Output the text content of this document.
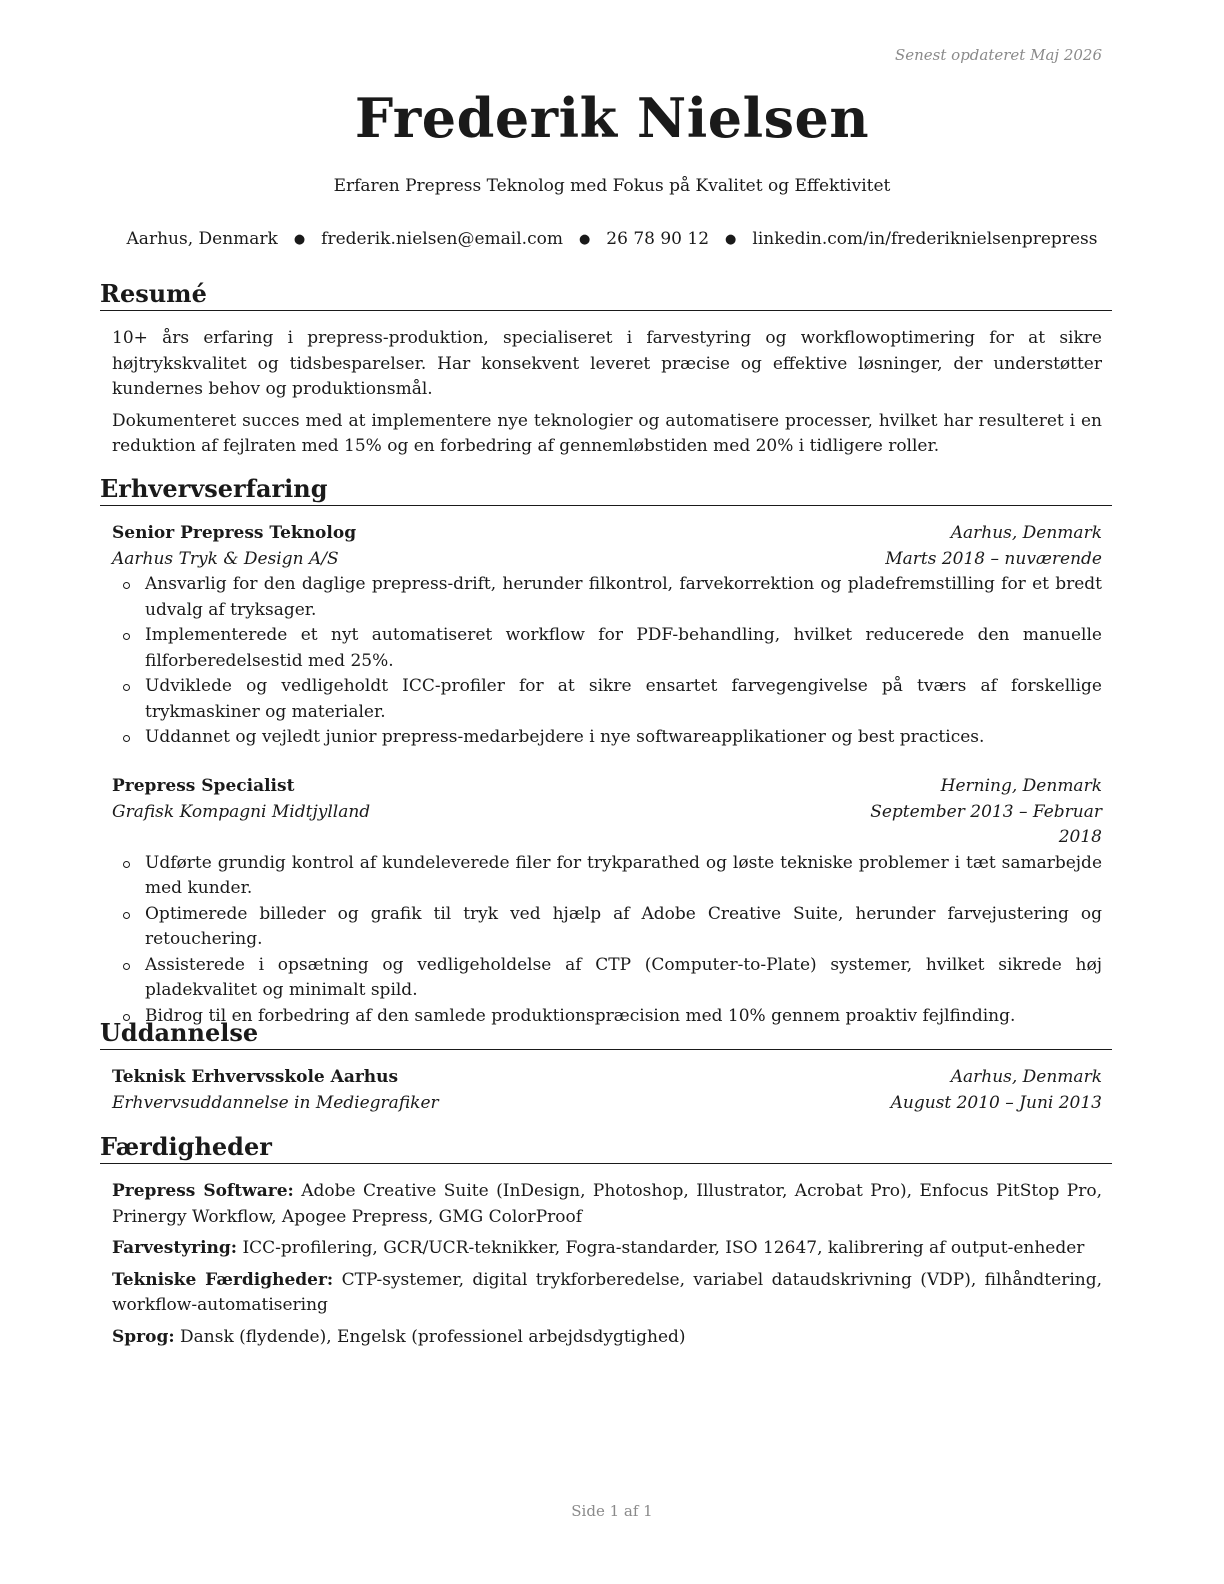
Senest opdateret Maj 2026
Frederik Nielsen
Erfaren Prepress Teknolog med Fokus på Kvalitet og Effektivitet
Aarhus, Denmark ● frederik.nielsen@email.com ● 26 78 90 12 ● linkedin.com/in/frederiknielsenprepress
Resumé
10+ års erfaring i prepress-produktion, specialiseret i farvestyring og workflowoptimering for at sikre højtrykskvalitet og tidsbesparelser. Har konsekvent leveret præcise og effektive løsninger, der understøtter kundernes behov og produktionsmål.
Dokumenteret succes med at implementere nye teknologier og automatisere processer, hvilket har resulteret i en reduktion af fejlraten med 15% og en forbedring af gennemløbstiden med 20% i tidligere roller.
Erhvervserfaring
Senior Prepress Teknolog	Aarhus, Denmark
Aarhus Tryk & Design A/S	Marts 2018 – nuværende
Ansvarlig for den daglige prepress-drift, herunder filkontrol, farvekorrektion og pladefremstilling for et bredt udvalg af tryksager.
Implementerede et nyt automatiseret workflow for PDF-behandling, hvilket reducerede den manuelle filforberedelsestid med 25%.
Udviklede og vedligeholdt ICC-profiler for at sikre ensartet farvegengivelse på tværs af forskellige trykmaskiner og materialer.
Uddannet og vejledt junior prepress-medarbejdere i nye softwareapplikationer og best practices.
Prepress Specialist	Herning, Denmark
Grafisk Kompagni Midtjylland	September 2013 – Februar 2018
Udførte grundig kontrol af kundeleverede filer for trykparathed og løste tekniske problemer i tæt samarbejde med kunder.
Optimerede billeder og grafik til tryk ved hjælp af Adobe Creative Suite, herunder farvejustering og retouchering.
Assisterede i opsætning og vedligeholdelse af CTP (Computer-to-Plate) systemer, hvilket sikrede høj pladekvalitet og minimalt spild.
Bidrog til en forbedring af den samlede produktionspræcision med 10% gennem proaktiv fejlfinding.
Uddannelse
Teknisk Erhvervsskole Aarhus	Aarhus, Denmark
Erhvervsuddannelse in Mediegrafiker	August 2010 – Juni 2013
Færdigheder
Prepress Software: Adobe Creative Suite (InDesign, Photoshop, Illustrator, Acrobat Pro), Enfocus PitStop Pro, Prinergy Workflow, Apogee Prepress, GMG ColorProof
Farvestyring: ICC-profilering, GCR/UCR-teknikker, Fogra-standarder, ISO 12647, kalibrering af output-enheder
Tekniske Færdigheder: CTP-systemer, digital trykforberedelse, variabel dataudskrivning (VDP), filhåndtering, workflow-automatisering
Sprog: Dansk (flydende), Engelsk (professionel arbejdsdygtighed)
Side 1 af 1
